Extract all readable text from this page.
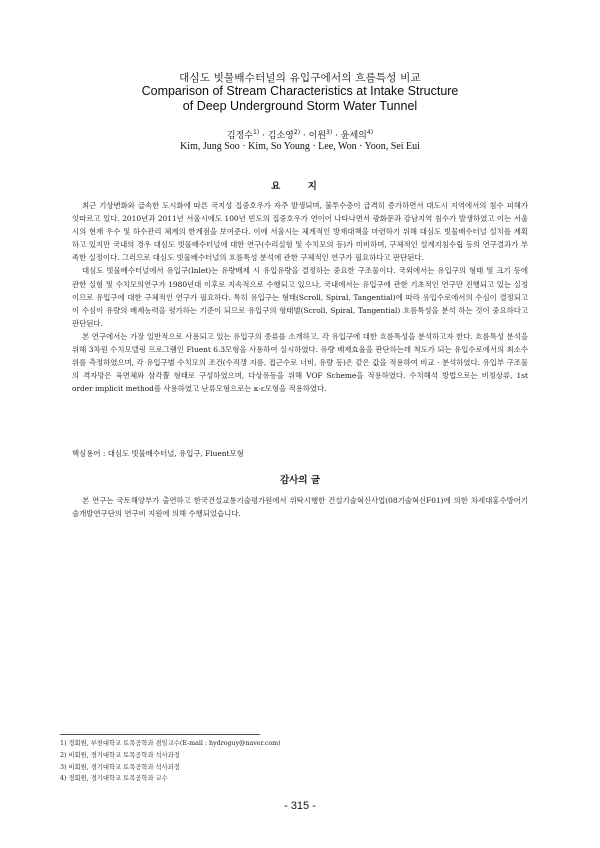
대심도 빗물배수터널의 유입구에서의 흐름특성 비교
Comparison of Stream Characteristics at Intake Structure
of Deep Underground Storm Water Tunnel
김정수$^{1)}$ · 김소영$^{2)}$ · 이원$^{3)}$ · 윤세의$^{4)}$
Kim, Jung Soo · Kim, So Young · Lee, Won · Yoon, Sei Eui
요 지

최근 기상변화와 급속한 도시화에 따른 국지성 집중호우가 자주 발생되며, 불투수층이 급격히 증가하면서 대도시 지역에서의 침수 피해가 잇따르고 있다. 2010년과 2011년 서울시에도 100년 빈도의 집중호우가 연이어 나타나면서 광화문과 강남지역 침수가 발생하였고 이는 서울시의 현재 우수 및 하수관리 체계의 한계점을 보여준다. 이에 서울시는 체계적인 방재대책을 마련하기 위해 대심도 빗물배수터널 설치를 계획하고 있지만 국내의 경우 대심도 빗물배수터널에 대한 연구(수리실험 및 수치모의 등)가 미비하며, 구체적인 설계지침수립 등의 연구결과가 부족한 실정이다. 그러므로 대심도 빗물배수터널의 흐름특성 분석에 관한 구체적인 연구가 필요하다고 판단된다.

대심도 빗물배수터널에서 유입구(Inlet)는 유량배제 시 유입유량을 결정하는 중요한 구조물이다. 국외에서는 유입구의 형태 및 크기 등에 관한 실험 및 수치모의연구가 1980년대 이후로 지속적으로 수행되고 있으나, 국내에서는 유입구에 관한 기초적인 연구만 진행되고 있는 실정이므로 유입구에 대한 구체적인 연구가 필요하다. 특히 유입구는 형태(Scroll, Spiral, Tangential)에 따라 유입수로에서의 수심이 결정되고 이 수심이 유량의 배제능력을 평가하는 기준이 되므로 유입구의 형태별(Scroll, Spiral, Tangential) 흐름특성을 분석 하는 것이 중요하다고 판단된다.

본 연구에서는 가장 일반적으로 사용되고 있는 유입구의 종류를 소개하고, 각 유입구에 대한 흐름특성을 분석하고자 한다. 흐름특성 분석을 위해 3차원 수치모델링 프로그램인 Fluent 6.3모형을 사용하여 실시하였다. 유량 배제효율을 판단하는데 척도가 되는 유입수로에서의 최소수위를 측정하였으며, 각 유입구별 수치모의 조건(수직갱 지름, 접근수로 너비, 유량 등)은 같은 값을 적용하여 비교 · 분석하였다. 유입부 구조물의 격자망은 육면체와 삼각뿔 형태로 구성하였으며, 다상유동을 위해 VOF Scheme을 적용하였다. 수치해석 방법으로는 비정상류, 1st order implicit method를 사용하였고 난류모형으로는 κ-ε모형을 적용하였다.

핵심용어 : 대심도 빗물배수터널, 유입구, Fluent모형
감사의 글

본 연구는 국토해양부가 출연하고 한국건설교통기술평가원에서 위탁시행한 건설기술혁신사업(08기술혁신F01)에 의한 차세대홍수방어기술개발연구단의 연구비 지원에 의해 수행되었습니다.

1) 정회원, 부천대학교 토목공학과 겸임교수(E-mail : hydroguy@naver.com)
2) 비회원, 경기대학교 토목공학과 석사과정
3) 비회원, 경기대학교 토목공학과 석사과정
4) 정회원, 경기대학교 토목공학과 교수
- 315 -
